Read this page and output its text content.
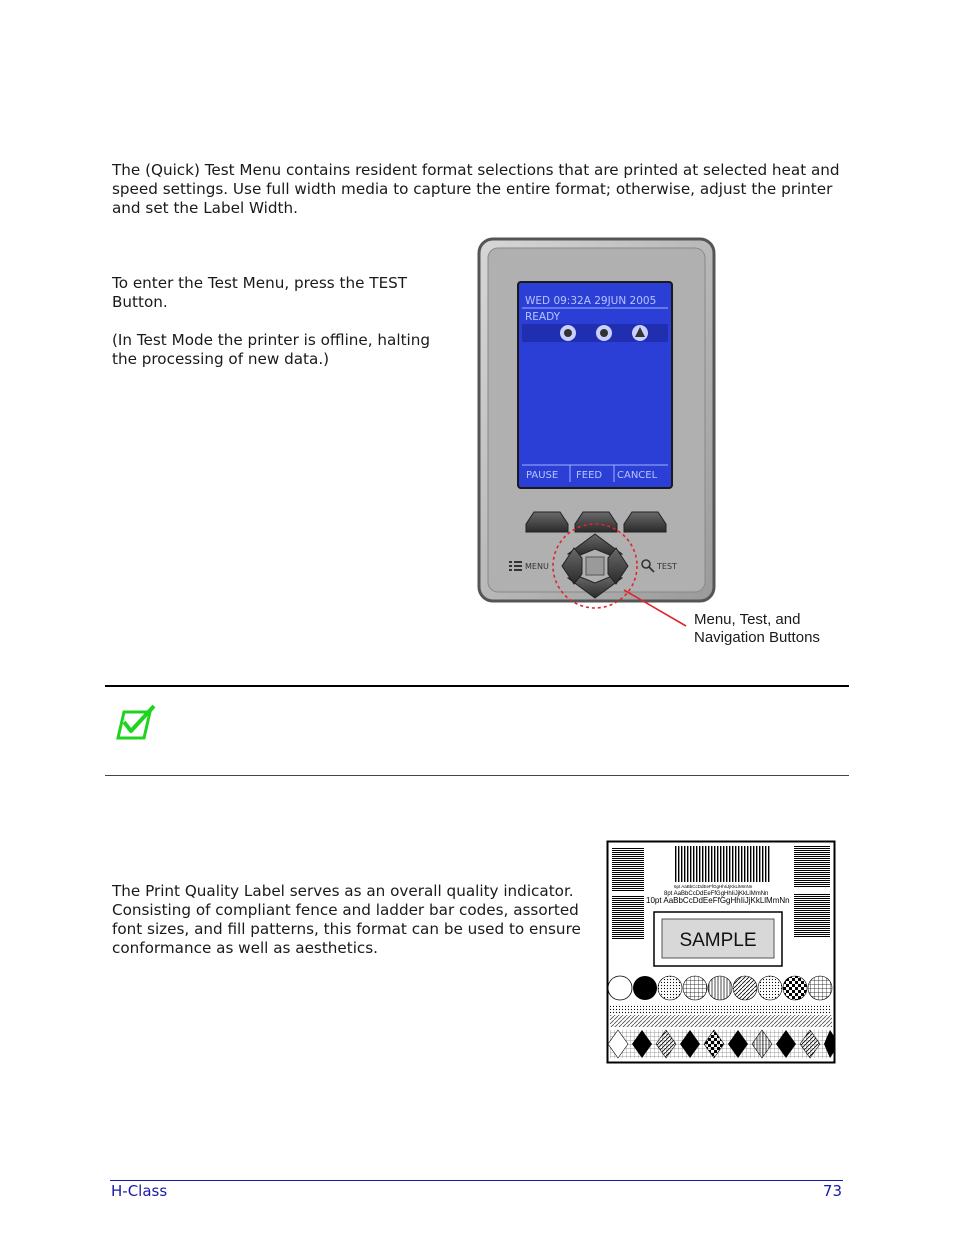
The (Quick) Test Menu contains resident format selections that are printed at selected heat and speed settings. Use full width media to capture the entire format; otherwise, adjust the printer and set the Label Width.

To enter the Test Menu, press the TEST Button.

(In Test Mode the printer is offline, halting the processing of new data.)

WED 09:32A 29JUN 2005
READY
PAUSE FEED CANCEL
MENU	TEST
Menu, Test, and
Navigation Buttons

The Print Quality Label serves as an overall quality indicator. Consisting of compliant fence and ladder bar codes, assorted font sizes, and fill patterns, this format can be used to ensure conformance as well as aesthetics.

6pt AaBbCcDdEeFfGgHhIiJjKkLlMmNn
8pt AaBbCcDdEeFfGgHhIiJjKkLlMmNn
10pt AaBbCcDdEeFfGgHhIiJjKkLlMmNn
SAMPLE

H-Class	73
